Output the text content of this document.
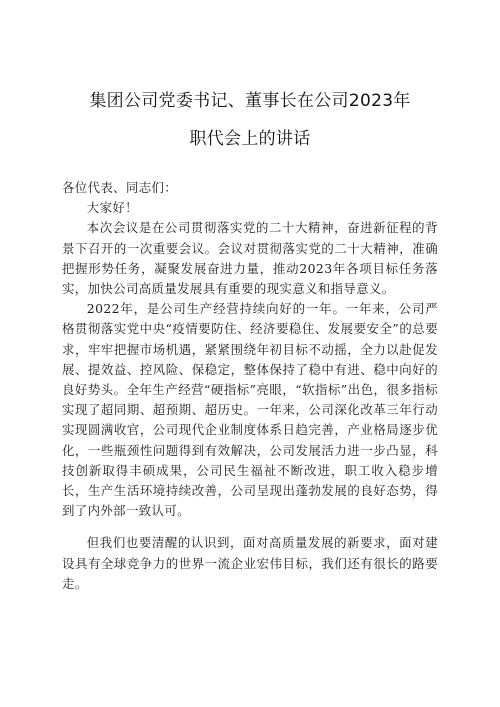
集团公司党委书记、董事长在公司2023年
职代会上的讲话

各位代表、同志们：

大家好！

本次会议是在公司贯彻落实党的二十大精神，奋进新征程的背景下召开的一次重要会议。会议对贯彻落实党的二十大精神，准确把握形势任务，凝聚发展奋进力量，推动2023年各项目标任务落实，加快公司高质量发展具有重要的现实意义和指导意义。

2022年，是公司生产经营持续向好的一年。一年来，公司严格贯彻落实党中央“疫情要防住、经济要稳住、发展要安全”的总要求，牢牢把握市场机遇，紧紧围绕年初目标不动摇，全力以赴促发展、提效益、控风险、保稳定，整体保持了稳中有进、稳中向好的良好势头。全年生产经营“硬指标”亮眼，“软指标”出色，很多指标实现了超同期、超预期、超历史。一年来，公司深化改革三年行动实现圆满收官，公司现代企业制度体系日趋完善，产业格局逐步优化，一些瓶颈性问题得到有效解决，公司发展活力进一步凸显，科技创新取得丰硕成果，公司民生福祉不断改进，职工收入稳步增长，生产生活环境持续改善，公司呈现出蓬勃发展的良好态势，得到了内外部一致认可。

但我们也要清醒的认识到，面对高质量发展的新要求，面对建设具有全球竞争力的世界一流企业宏伟目标，我们还有很长的路要走。
